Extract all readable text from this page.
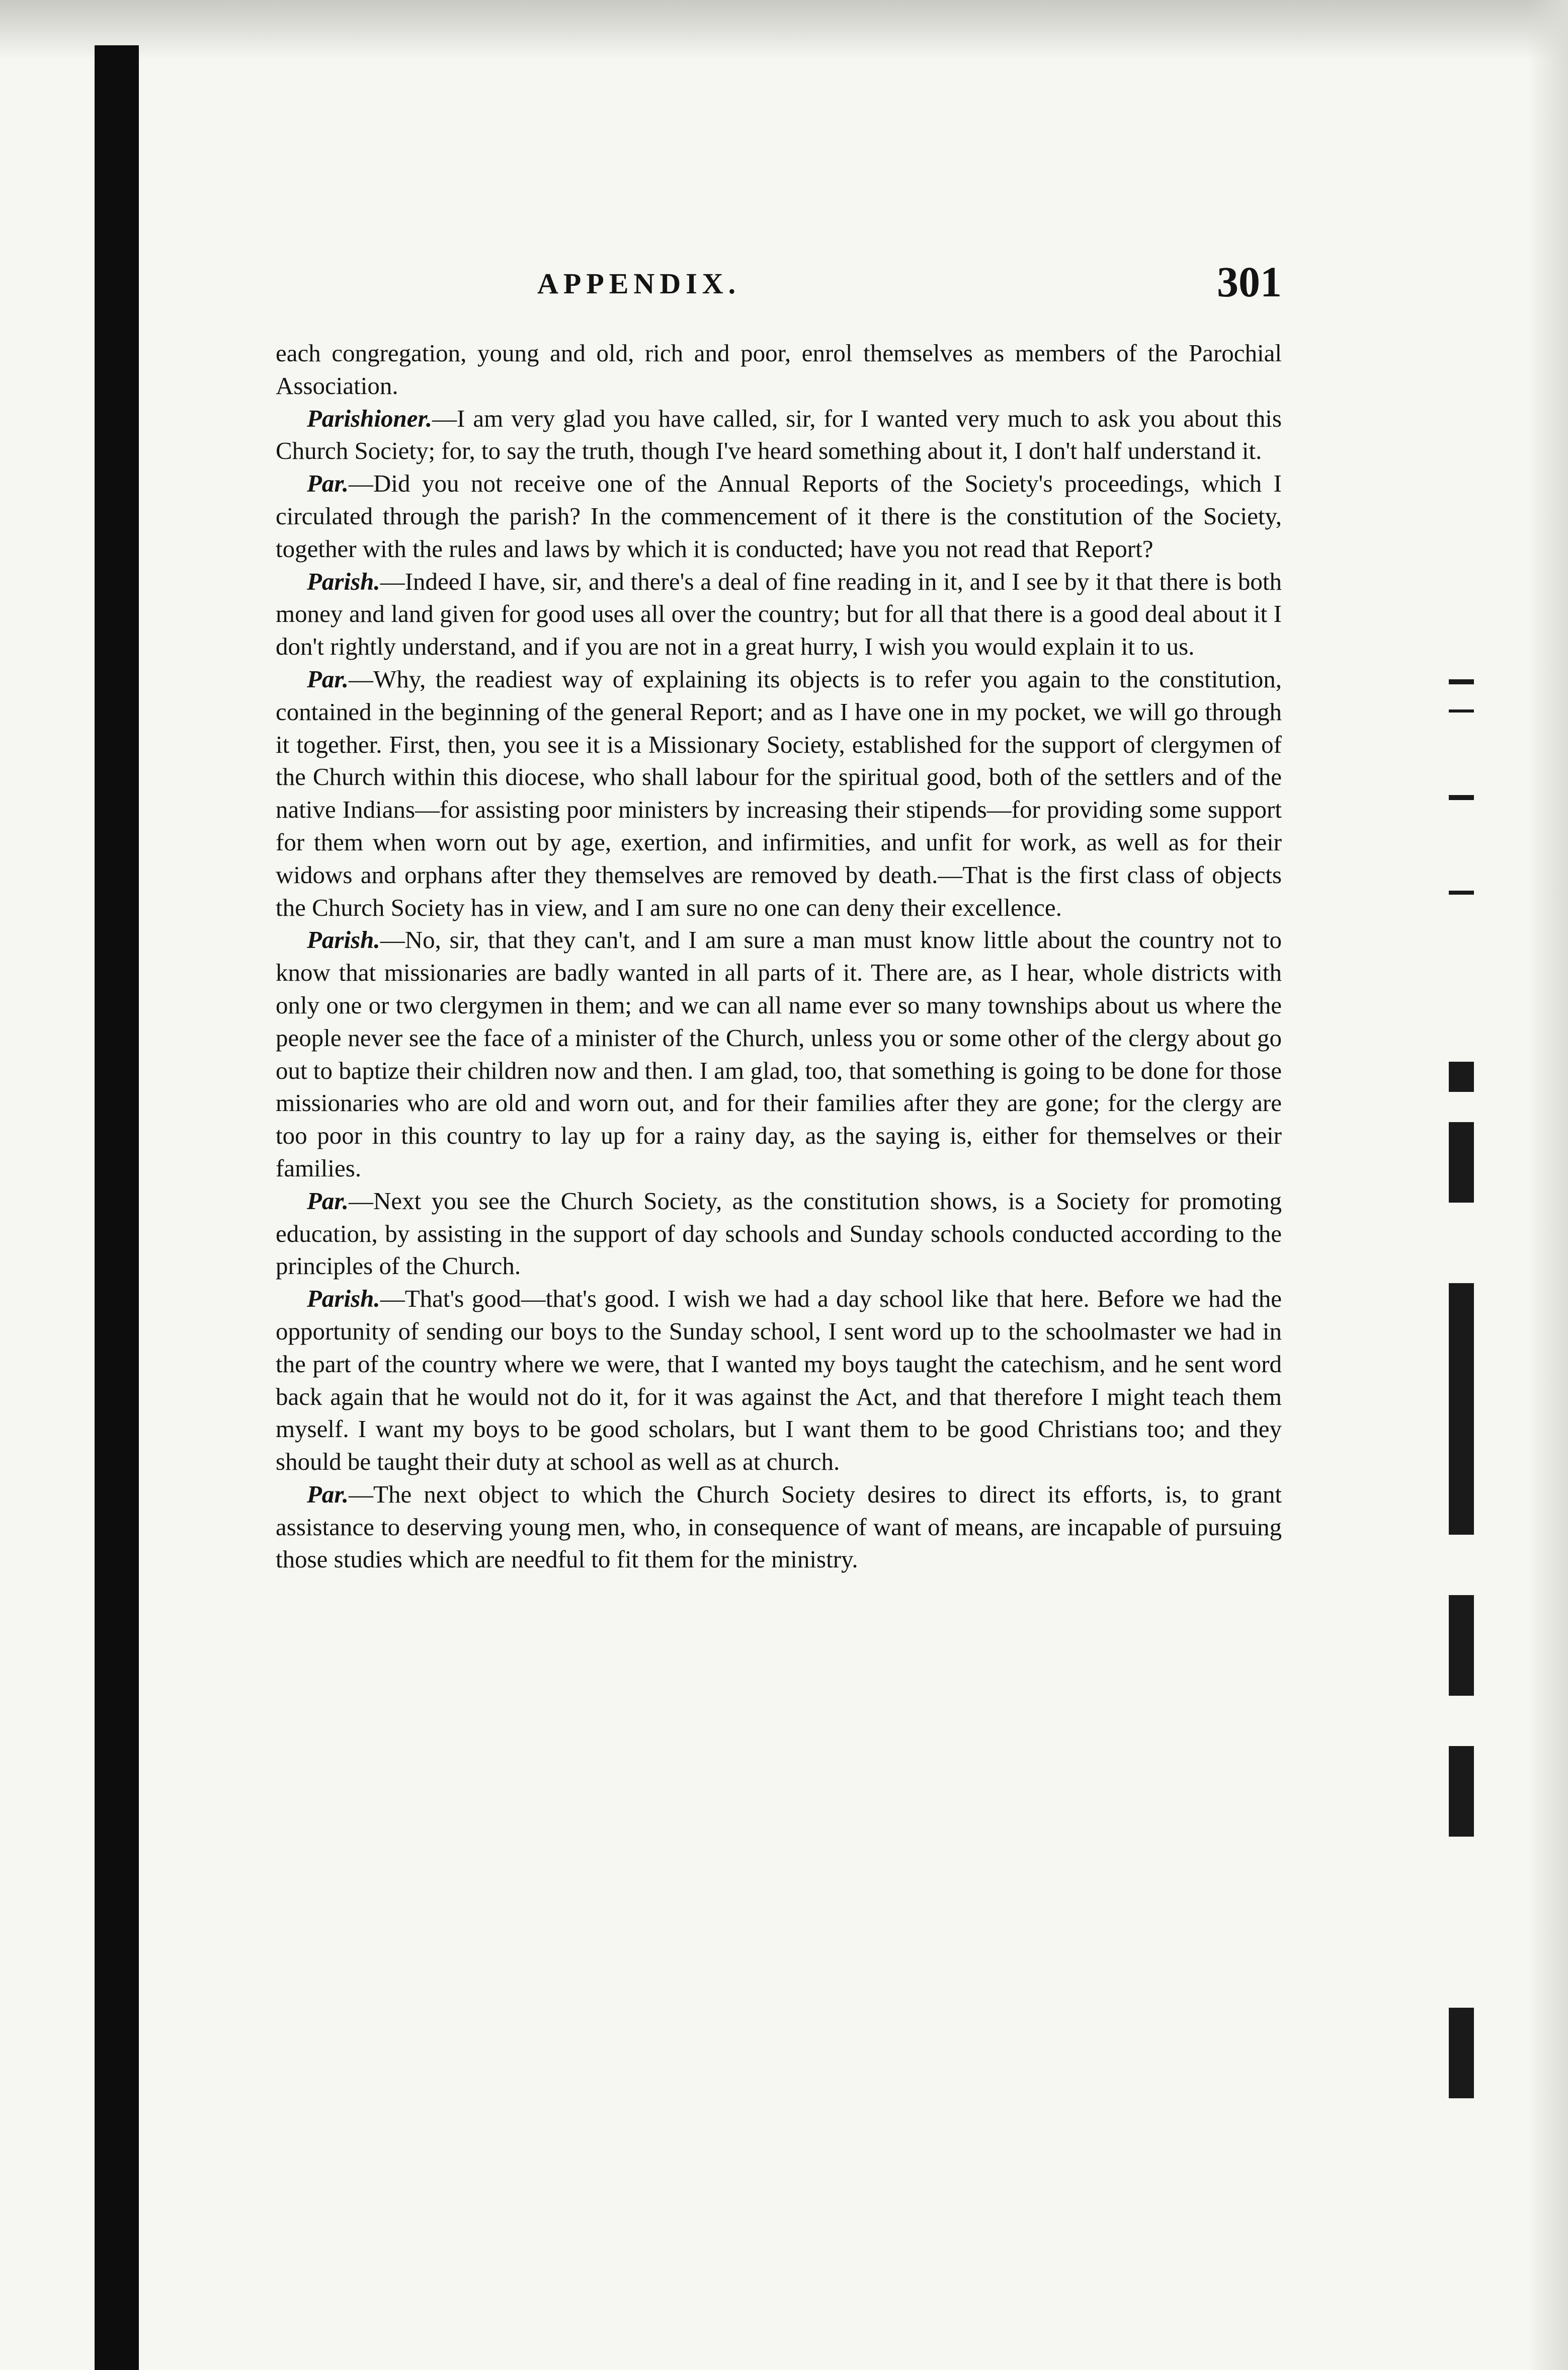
APPENDIX.	301

each congregation, young and old, rich and poor, enrol themselves as members of the Parochial Association.

Parishioner.—I am very glad you have called, sir, for I wanted very much to ask you about this Church Society; for, to say the truth, though I've heard something about it, I don't half understand it.

Par.—Did you not receive one of the Annual Reports of the Society's proceedings, which I circulated through the parish? In the commencement of it there is the constitution of the Society, together with the rules and laws by which it is conducted; have you not read that Report?

Parish.—Indeed I have, sir, and there's a deal of fine reading in it, and I see by it that there is both money and land given for good uses all over the country; but for all that there is a good deal about it I don't rightly understand, and if you are not in a great hurry, I wish you would explain it to us.

Par.—Why, the readiest way of explaining its objects is to refer you again to the constitution, contained in the beginning of the general Report; and as I have one in my pocket, we will go through it together. First, then, you see it is a Missionary Society, established for the support of clergymen of the Church within this diocese, who shall labour for the spiritual good, both of the settlers and of the native Indians—for assisting poor ministers by increasing their stipends—for providing some support for them when worn out by age, exertion, and infirmities, and unfit for work, as well as for their widows and orphans after they themselves are removed by death.—That is the first class of objects the Church Society has in view, and I am sure no one can deny their excellence.

Parish.—No, sir, that they can't, and I am sure a man must know little about the country not to know that missionaries are badly wanted in all parts of it. There are, as I hear, whole districts with only one or two clergymen in them; and we can all name ever so many townships about us where the people never see the face of a minister of the Church, unless you or some other of the clergy about go out to baptize their children now and then. I am glad, too, that something is going to be done for those missionaries who are old and worn out, and for their families after they are gone; for the clergy are too poor in this country to lay up for a rainy day, as the saying is, either for themselves or their families.

Par.—Next you see the Church Society, as the constitution shows, is a Society for promoting education, by assisting in the support of day schools and Sunday schools conducted according to the principles of the Church.

Parish.—That's good—that's good. I wish we had a day school like that here. Before we had the opportunity of sending our boys to the Sunday school, I sent word up to the schoolmaster we had in the part of the country where we were, that I wanted my boys taught the catechism, and he sent word back again that he would not do it, for it was against the Act, and that therefore I might teach them myself. I want my boys to be good scholars, but I want them to be good Christians too; and they should be taught their duty at school as well as at church.

Par.—The next object to which the Church Society desires to direct its efforts, is, to grant assistance to deserving young men, who, in consequence of want of means, are incapable of pursuing those studies which are needful to fit them for the ministry.
